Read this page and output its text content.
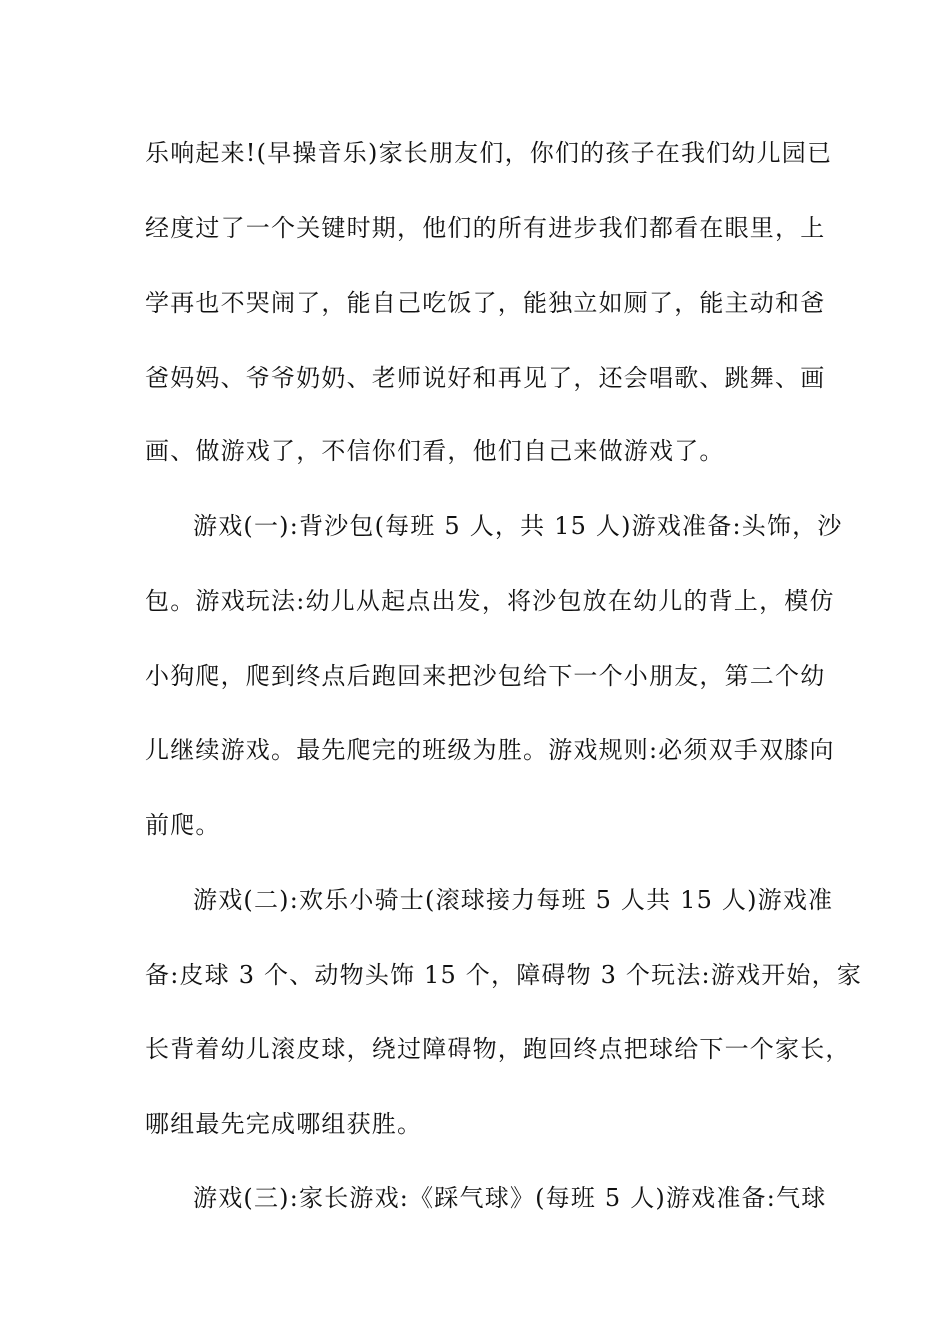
乐响起来!(早操音乐)家长朋友们，你们的孩子在我们幼儿园已
经度过了一个关键时期，他们的所有进步我们都看在眼里，上
学再也不哭闹了，能自己吃饭了，能独立如厕了，能主动和爸
爸妈妈、爷爷奶奶、老师说好和再见了，还会唱歌、跳舞、画
画、做游戏了，不信你们看，他们自己来做游戏了。
游戏(一):背沙包(每班 5 人，共 15 人)游戏准备:头饰，沙
包。游戏玩法:幼儿从起点出发，将沙包放在幼儿的背上，模仿
小狗爬，爬到终点后跑回来把沙包给下一个小朋友，第二个幼
儿继续游戏。最先爬完的班级为胜。游戏规则:必须双手双膝向
前爬。
游戏(二):欢乐小骑士(滚球接力每班 5 人共 15 人)游戏准
备:皮球 3 个、动物头饰 15 个，障碍物 3 个玩法:游戏开始，家
长背着幼儿滚皮球，绕过障碍物，跑回终点把球给下一个家长，
哪组最先完成哪组获胜。
游戏(三):家长游戏:《踩气球》(每班 5 人)游戏准备:气球
